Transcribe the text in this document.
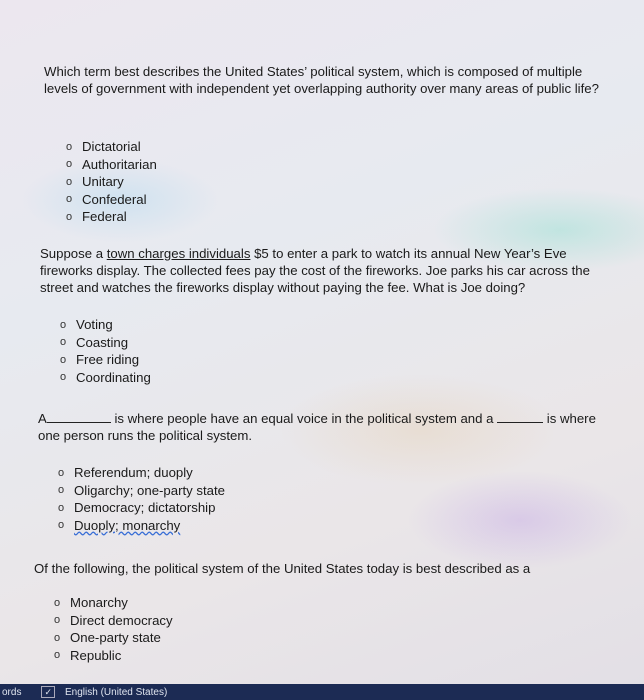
Which term best describes the United States’ political system, which is composed of multiple levels of government with independent yet overlapping authority over many areas of public life?
o Dictatorial
o Authoritarian
o Unitary
o Confederal
o Federal
Suppose a town charges individuals $5 to enter a park to watch its annual New Year’s Eve fireworks display. The collected fees pay the cost of the fireworks. Joe parks his car across the street and watches the fireworks display without paying the fee. What is Joe doing?
o Voting
o Coasting
o Free riding
o Coordinating
A	is where people have an equal voice in the political system and a	is where one person runs the political system.
o Referendum; duoply
o Oligarchy; one-party state
o Democracy; dictatorship
o Duoply; monarchy
Of the following, the political system of the United States today is best described as a
o Monarchy
o Direct democracy
o One-party state
o Republic
ords	✓	English (United States)
